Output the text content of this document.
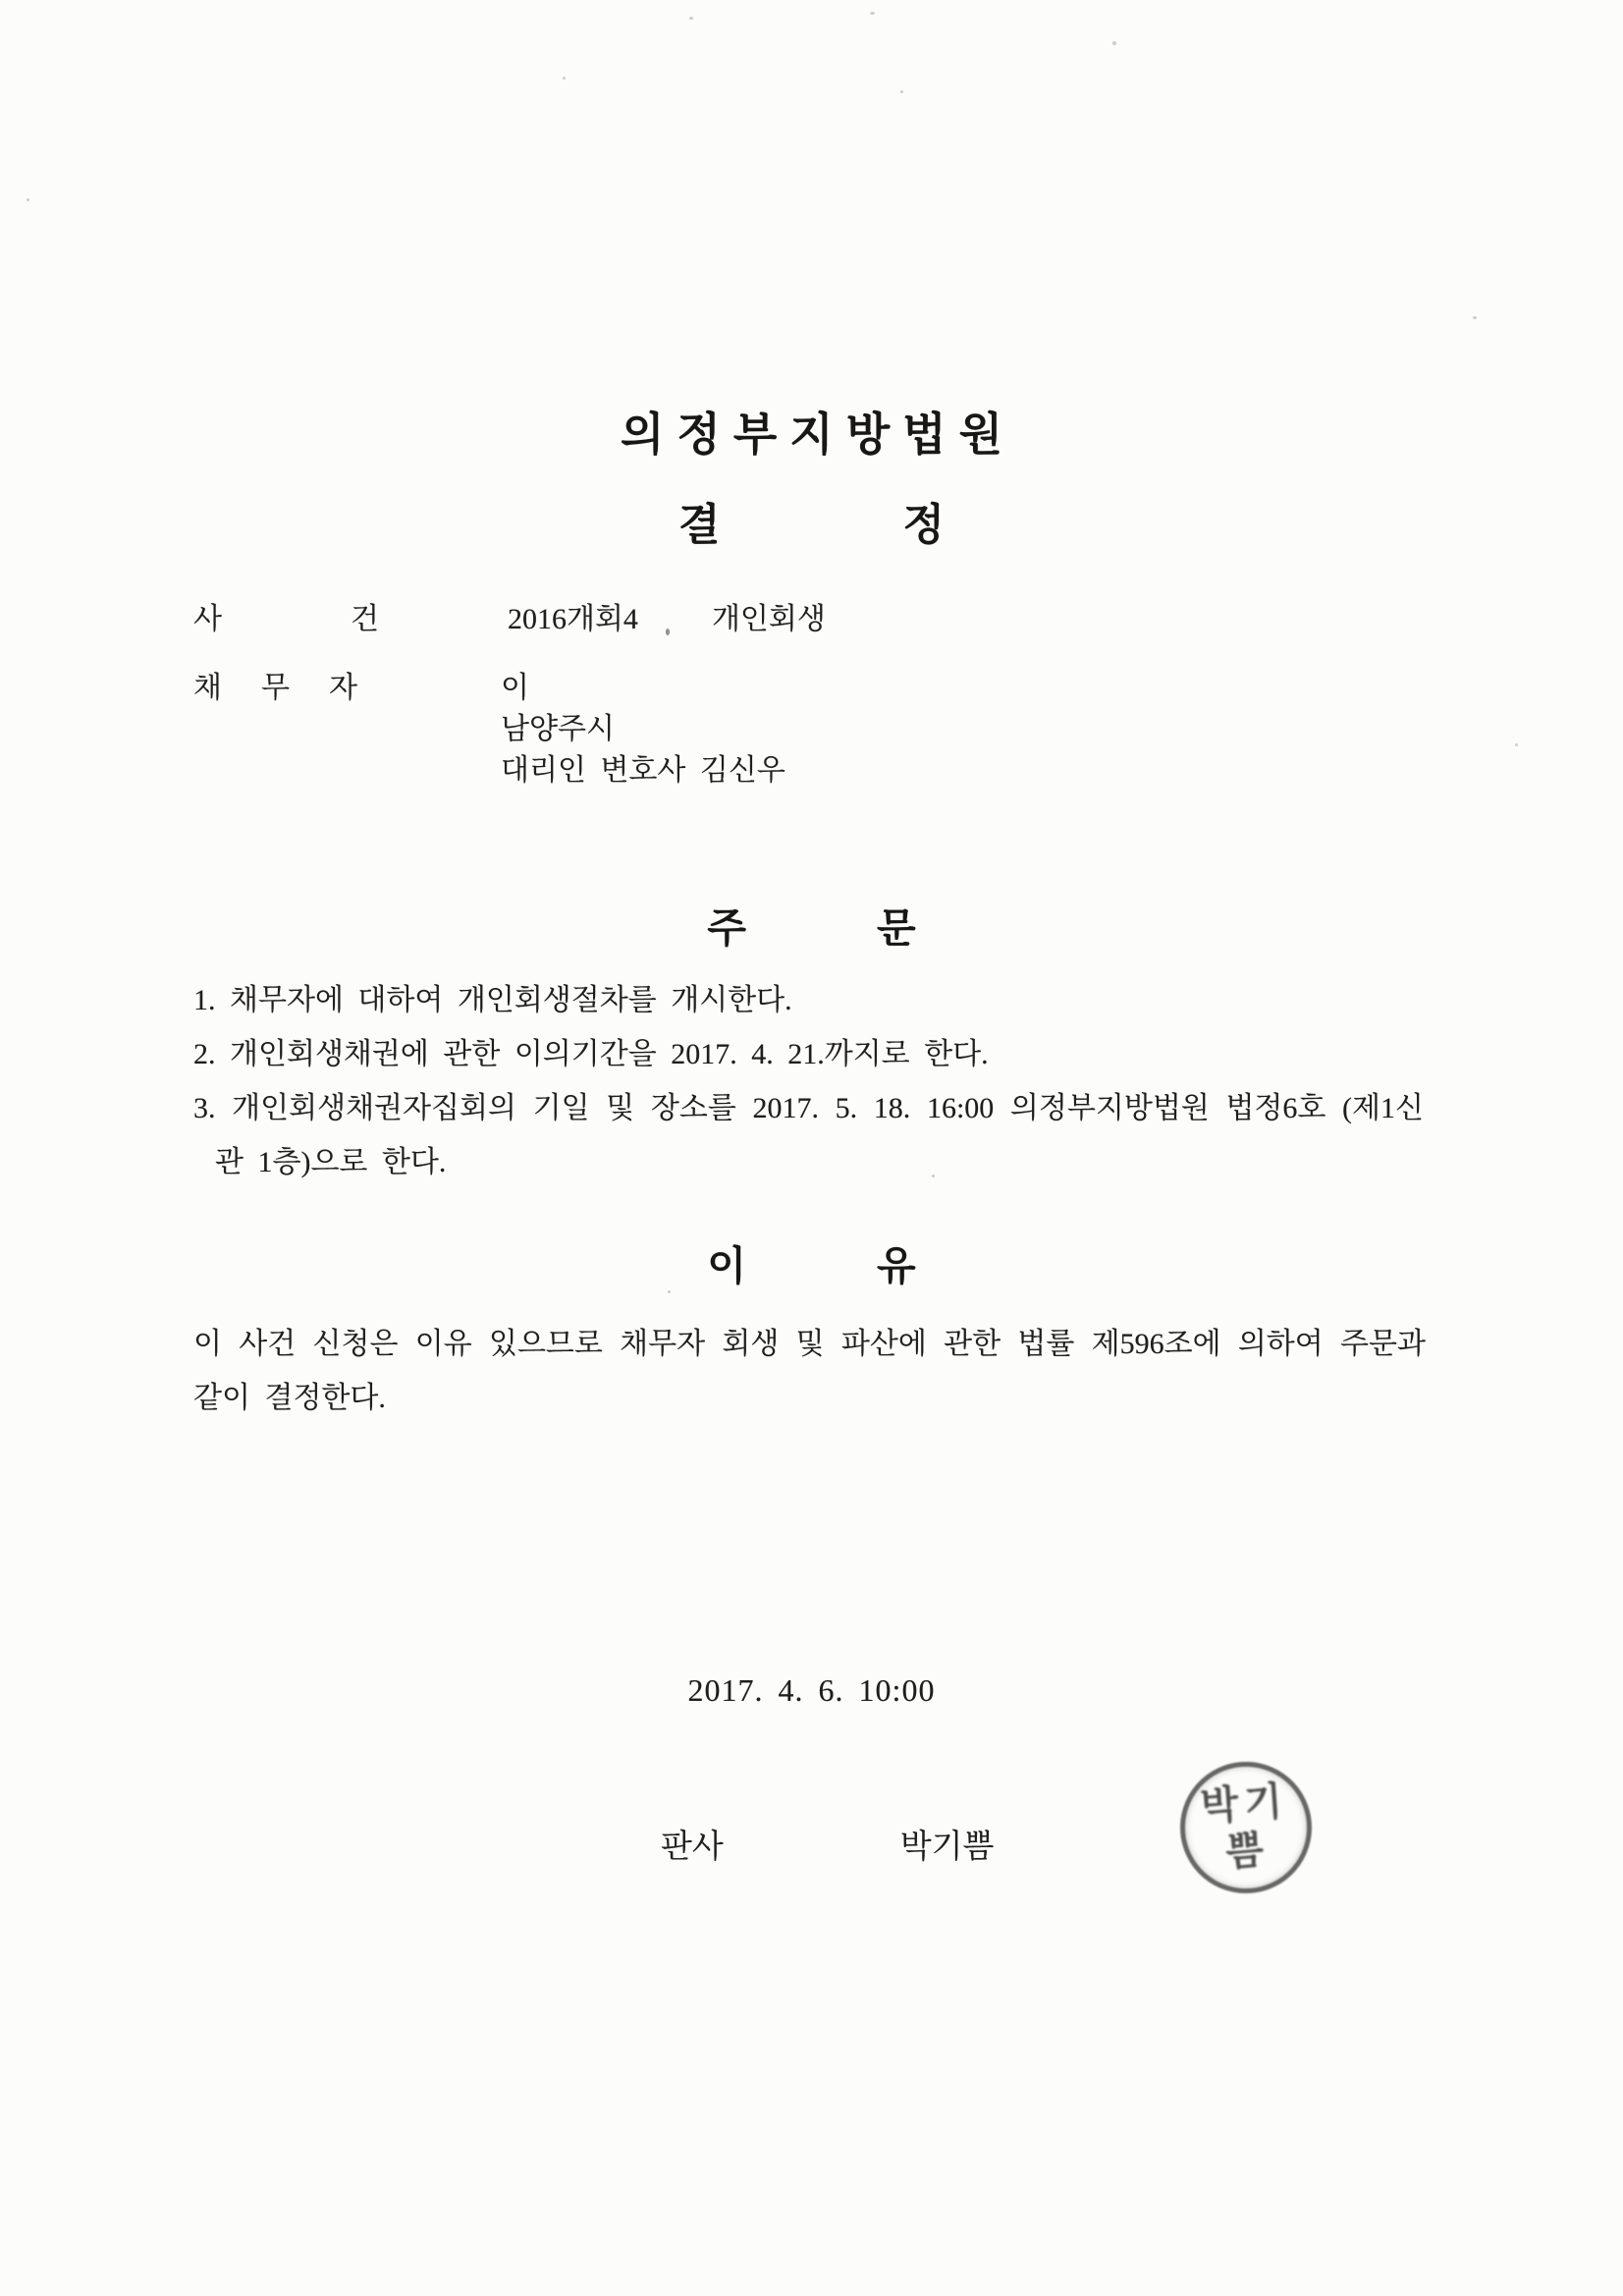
의정부지방법원
결정
사건 2016개회4	개인회생
채무자	이
남양주시
대리인 변호사 김신우
주문
1. 채무자에 대하여 개인회생절차를 개시한다.
2. 개인회생채권에 관한 이의기간을 2017. 4. 21.까지로 한다.
3. 개인회생채권자집회의 기일 및 장소를 2017. 5. 18. 16:00 의정부지방법원 법정6호 (제1신관 1층)으로 한다.
이유
이 사건 신청은 이유 있으므로 채무자 회생 및 파산에 관한 법률 제596조에 의하여 주문과 같이 결정한다.
2017. 4. 6. 10:00
판사	박기쁨
박기쁨
